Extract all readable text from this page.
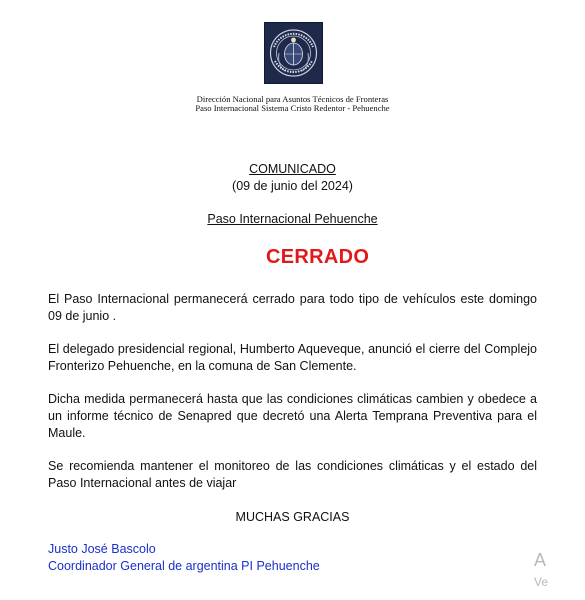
Dirección Nacional para Asuntos Técnicos de Fronteras
Paso Internacional Sistema Cristo Redentor - Pehuenche
COMUNICADO
(09 de junio del 2024)
Paso Internacional Pehuenche
CERRADO
El Paso Internacional permanecerá cerrado para todo tipo de vehículos este domingo 09 de junio .
El delegado presidencial regional, Humberto Aqueveque, anunció el cierre del Complejo Fronterizo Pehuenche, en la comuna de San Clemente.
Dicha medida permanecerá hasta que las condiciones climáticas cambien y obedece a un informe técnico de Senapred que decretó una Alerta Temprana Preventiva para el Maule.
Se recomienda mantener el monitoreo de las condiciones climáticas y el estado del Paso Internacional antes de viajar
MUCHAS GRACIAS
Justo José Bascolo
Coordinador General de argentina PI Pehuenche	A
Ve
